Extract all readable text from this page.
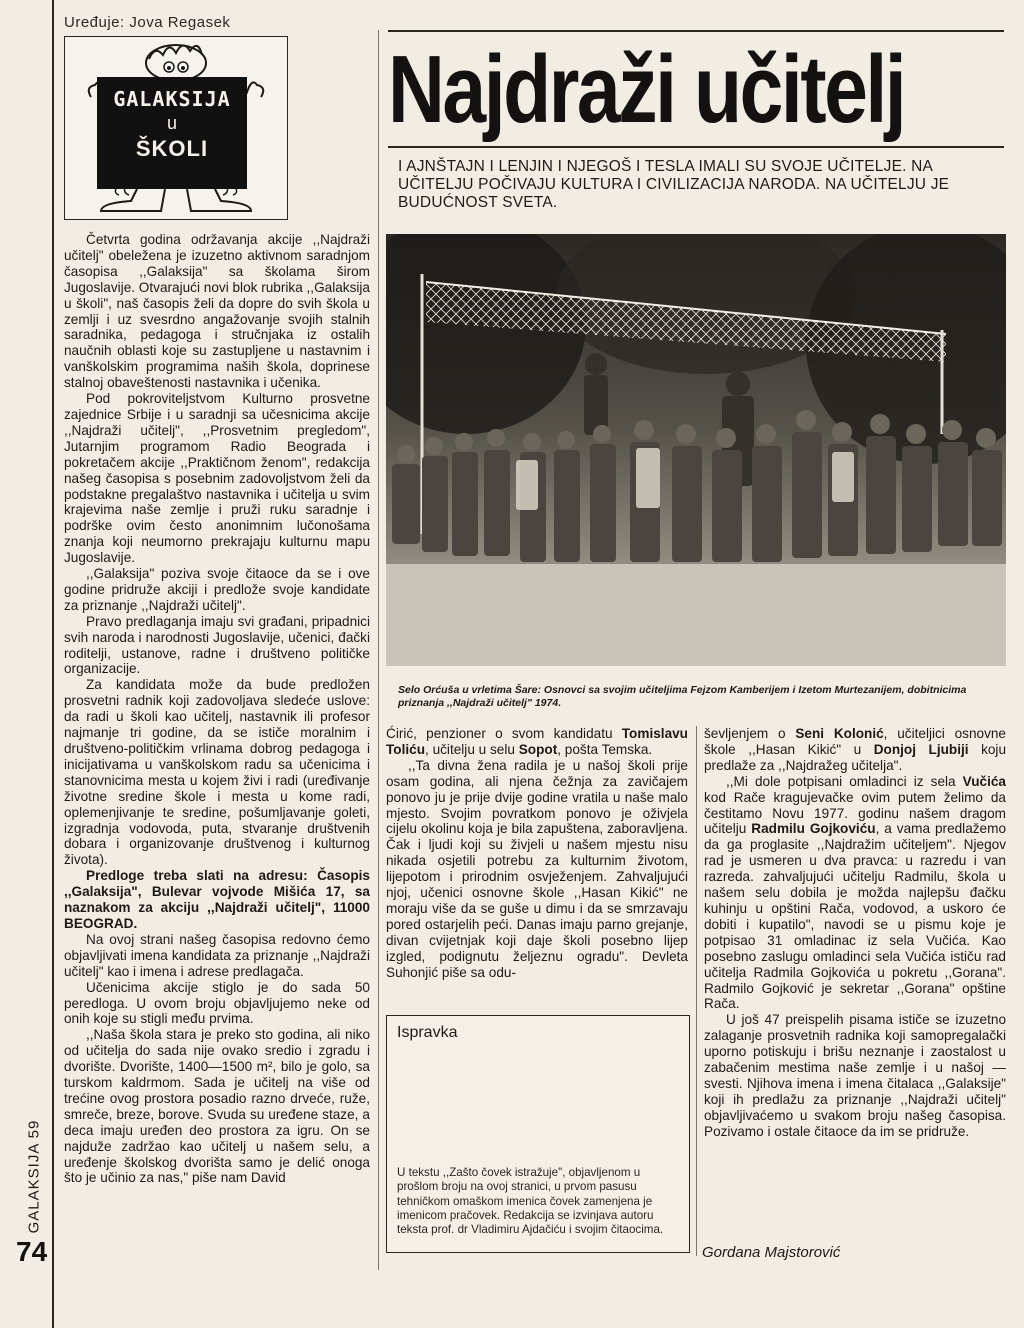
Uređuje: Jova Regasek
GALAKSIJA
u
ŠKOLI
Najdraži učitelj
I AJNŠTAJN I LENJIN I NJEGOŠ I TESLA IMALI SU SVOJE UČITELJE. NA UČITELJU POČIVAJU KULTURA I CIVILIZACIJA NARODA. NA UČITELJU JE BUDUĆNOST SVETA.

Četvrta godina održavanja akcije ,,Najdraži učitelj" obeležena je izuzetno aktivnom saradnjom časopisa ,,Galaksija" sa školama širom Jugoslavije. Otvarajući novi blok rubrika ,,Galaksija u školi", naš časopis želi da dopre do svih škola u zemlji i uz svesrdno angažovanje svojih stalnih saradnika, pedagoga i stručnjaka iz ostalih naučnih oblasti koje su zastupljene u nastavnim i vanškolskim programima naših škola, doprinese stalnoj obaveštenosti nastavnika i učenika.

Pod pokroviteljstvom Kulturno prosvetne zajednice Srbije i u saradnji sa učesnicima akcije ,,Najdraži učitelj", ,,Prosvetnim pregledom", Jutarnjim programom Radio Beograda i pokretačem akcije ,,Praktičnom ženom", redakcija našeg časopisa s posebnim zadovoljstvom želi da podstakne pregalaštvo nastavnika i učitelja u svim krajevima naše zemlje i pruži ruku saradnje i podrške ovim često anonimnim lučonošama znanja koji neumorno prekrajaju kulturnu mapu Jugoslavije.

,,Galaksija" poziva svoje čitaoce da se i ove godine pridruže akciji i predlože svoje kandidate za priznanje ,,Najdraži učitelj".

Pravo predlaganja imaju svi građani, pripadnici svih naroda i narodnosti Jugoslavije, učenici, đački roditelji, ustanove, radne i društveno političke organizacije.

Za kandidata može da bude predložen prosvetni radnik koji zadovoljava sledeće uslove: da radi u školi kao učitelj, nastavnik ili profesor najmanje tri godine, da se ističe moralnim i društveno-političkim vrlinama dobrog pedagoga i inicijativama u vanškolskom radu sa učenicima i stanovnicima mesta u kojem živi i radi (uređivanje životne sredine škole i mesta u kome radi, oplemenjivanje te sredine, pošumljavanje goleti, izgradnja vodovoda, puta, stvaranje društvenih dobara i organizovanje društvenog i kulturnog života).

Predloge treba slati na adresu: Časopis ,,Galaksija", Bulevar vojvode Mišića 17, sa naznakom za akciju ,,Najdraži učitelj", 11000 BEOGRAD.

Na ovoj strani našeg časopisa redovno ćemo objavljivati imena kandidata za priznanje ,,Najdraži učitelj" kao i imena i adrese predlagača.

Učenicima akcije stiglo je do sada 50 peredloga. U ovom broju objavljujemo neke od onih koje su stigli među prvima.

,,Naša škola stara je preko sto godina, ali niko od učitelja do sada nije ovako sredio i zgradu i dvorište. Dvorište, 1400—1500 m², bilo je golo, sa turskom kaldrmom. Sada je učitelj na više od trećine ovog prostora posadio razno drveće, ruže, smreče, breze, borove. Svuda su uređene staze, a deca imaju uređen deo prostora za igru. On se najduže zadržao kao učitelj u našem selu, a uređenje školskog dvorišta samo je delić onoga što je učinio za nas," piše nam David

Selo Orćuša u vrletima Šare: Osnovci sa svojim učiteljima Fejzom Kamberijem i Izetom Murtezanijem, dobitnicima priznanja ,,Najdraži učitelj" 1974.

Ćirić, penzioner o svom kandidatu Tomislavu Toliću, učitelju u selu Sopot, pošta Temska.

,,Ta divna žena radila je u našoj školi prije osam godina, ali njena čežnja za zavičajem ponovo ju je prije dvije godine vratila u naše malo mjesto. Svojim povratkom ponovo je oživjela cijelu okolinu koja je bila zapuštena, zaboravljena. Čak i ljudi koji su živjeli u našem mjestu nisu nikada osjetili potrebu za kulturnim životom, lijepotom i prirodnim osvježenjem. Zahvaljujući njoj, učenici osnovne škole ,,Hasan Kikić" ne moraju više da se guše u dimu i da se smrzavaju pored ostarjelih peći. Danas imaju parno grejanje, divan cvijetnjak koji daje školi posebno lijep izgled, podignutu željeznu ogradu". Devleta Suhonjić piše sa odu-

Ispravka
U tekstu ,,Zašto čovek istražuje", objavljenom u prošlom broju na ovoj stranici, u prvom pasusu tehničkom omaškom imenica čovek zamenjena je imenicom pračovek. Redakcija se izvinjava autoru teksta prof. dr Vladimiru Ajdačiću i svojim čitaocima.

ševljenjem o Seni Kolonić, učiteljici osnovne škole ,,Hasan Kikić" u Donjoj Ljubiji koju predlaže za ,,Najdražeg učitelja".

,,Mi dole potpisani omladinci iz sela Vučića kod Rače kragujevačke ovim putem želimo da čestitamo Novu 1977. godinu našem dragom učitelju Radmilu Gojkoviću, a vama predlažemo da ga proglasite ,,Najdražim učiteljem". Njegov rad je usmeren u dva pravca: u razredu i van razreda. zahvaljujući učitelju Radmilu, škola u našem selu dobila je možda najlepšu đačku kuhinju u opštini Rača, vodovod, a uskoro će dobiti i kupatilo", navodi se u pismu koje je potpisao 31 omladinac iz sela Vučića. Kao posebno zaslugu omladinci sela Vučića ističu rad učitelja Radmila Gojkovića u pokretu ,,Gorana". Radmilo Gojković je sekretar ,,Gorana" opštine Rača.

U još 47 preispelih pisama ističe se izuzetno zalaganje prosvetnih radnika koji samopregalački uporno potiskuju i brišu neznanje i zaostalost u zabačenim mestima naše zemlje i u našoj — svesti. Njihova imena i imena čitalaca ,,Galaksije" koji ih predlažu za priznanje ,,Najdraži učitelj" objavljivaćemo u svakom broju našeg časopisa. Pozivamo i ostale čitaoce da im se pridruže.

Gordana Majstorović
GALAKSIJA 59
74
